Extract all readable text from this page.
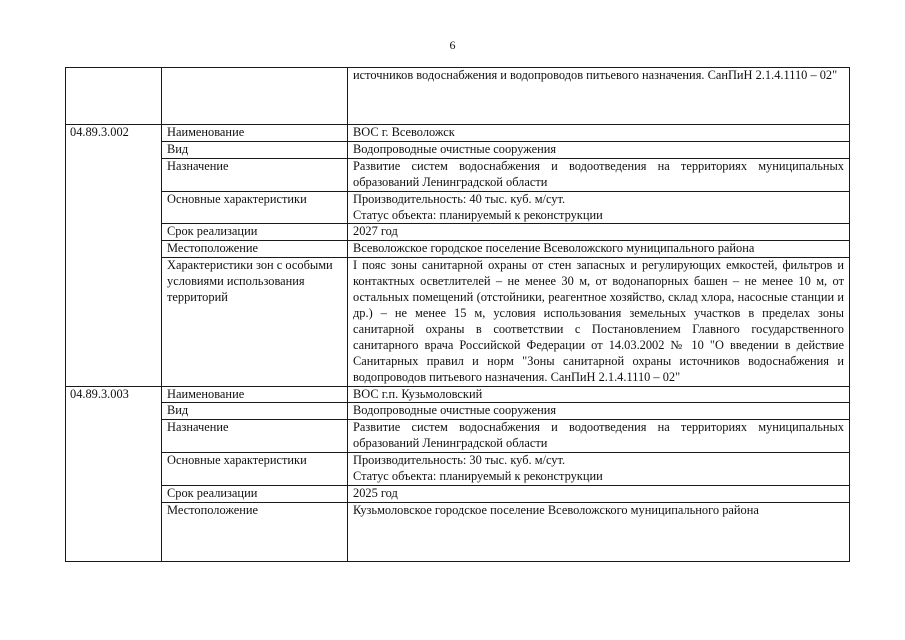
6
		источников водоснабжения и водопроводов питьевого назначения. СанПиН 2.1.4.1110 – 02"
04.89.3.002	Наименование	ВОС г. Всеволожск

	Вид	Водопроводные очистные сооружения

	Назначение	Развитие систем водоснабжения и водоотведения на территориях муниципальных образований Ленинградской области

	Основные характеристики	Производительность: 40 тыс. куб. м/сут.
Статус объекта: планируемый к реконструкции

	Срок реализации	2027 год

	Местоположение	Всеволожское городское поселение Всеволожского муниципального района

	Характеристики зон с особыми условиями использования территорий	I пояс зоны санитарной охраны от стен запасных и регулирующих емкостей, фильтров и контактных осветлителей – не менее 30 м, от водонапорных башен – не менее 10 м, от остальных помещений (отстойники, реагентное хозяйство, склад хлора, насосные станции и др.) – не менее 15 м, условия использования земельных участков в пределах зоны санитарной охраны в соответствии с Постановлением Главного государственного санитарного врача Российской Федерации от 14.03.2002 № 10 "О введении в действие Санитарных правил и норм "Зоны санитарной охраны источников водоснабжения и водопроводов питьевого назначения. СанПиН 2.1.4.1110 – 02"

04.89.3.003	Наименование	ВОС г.п. Кузьмоловский

	Вид	Водопроводные очистные сооружения

	Назначение	Развитие систем водоснабжения и водоотведения на территориях муниципальных образований Ленинградской области

	Основные характеристики	Производительность: 30 тыс. куб. м/сут.
Статус объекта: планируемый к реконструкции

	Срок реализации	2025 год

	Местоположение	Кузьмоловское городское поселение Всеволожского муниципального района
